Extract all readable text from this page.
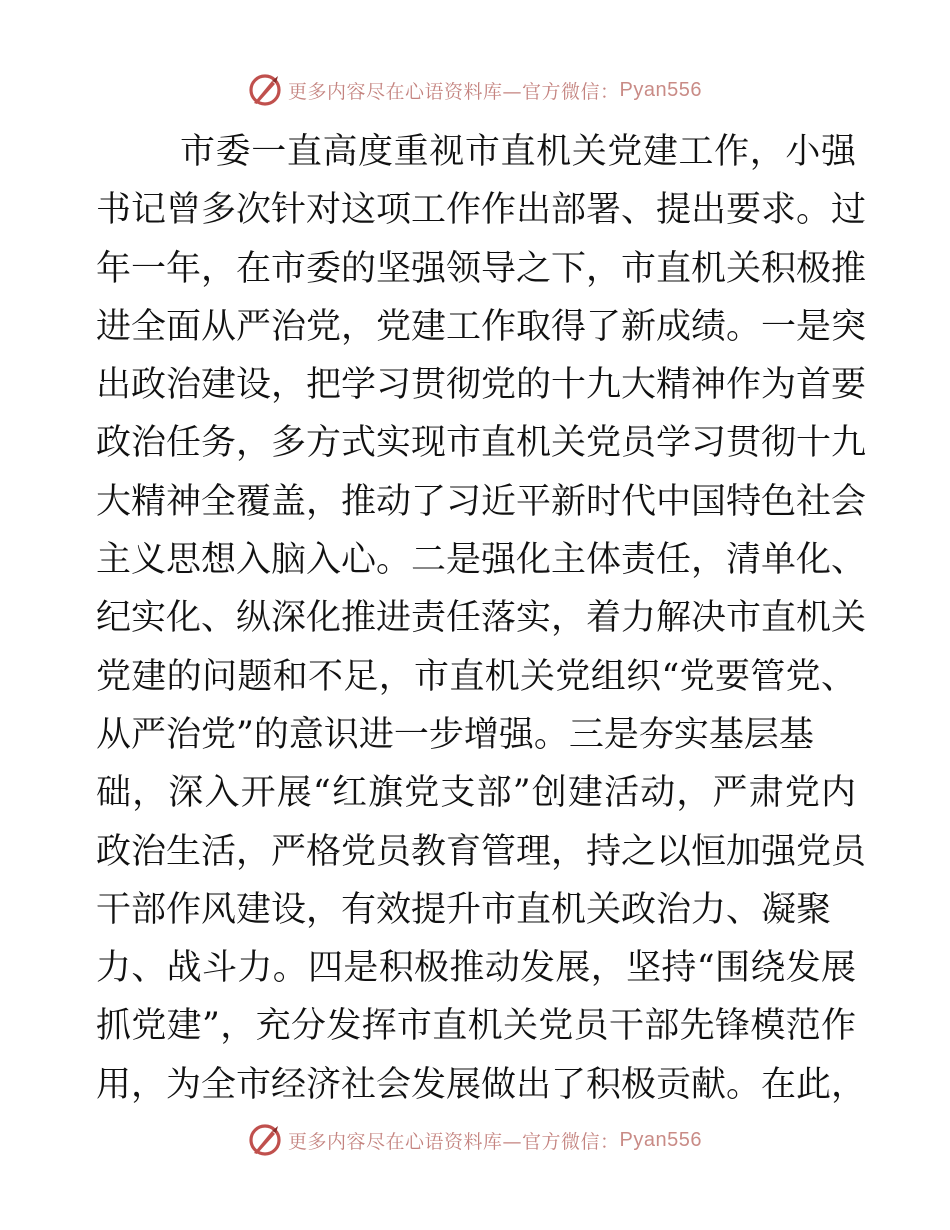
更多内容尽在心语资料库—官方微信： Pyan556
市委一直高度重视市直机关党建工作，小强
书记曾多次针对这项工作作出部署、提出要求。过
年一年，在市委的坚强领导之下，市直机关积极推
进全面从严治党，党建工作取得了新成绩。一是突
出政治建设，把学习贯彻党的十九大精神作为首要
政治任务，多方式实现市直机关党员学习贯彻十九
大精神全覆盖，推动了习近平新时代中国特色社会
主义思想入脑入心。二是强化主体责任，清单化、
纪实化、纵深化推进责任落实，着力解决市直机关
党建的问题和不足，市直机关党组织“党要管党、
从严治党”的意识进一步增强。三是夯实基层基
础，深入开展“红旗党支部”创建活动，严肃党内
政治生活，严格党员教育管理，持之以恒加强党员
干部作风建设，有效提升市直机关政治力、凝聚
力、战斗力。四是积极推动发展，坚持“围绕发展
抓党建”，充分发挥市直机关党员干部先锋模范作
用，为全市经济社会发展做出了积极贡献。在此，
更多内容尽在心语资料库—官方微信： Pyan556
